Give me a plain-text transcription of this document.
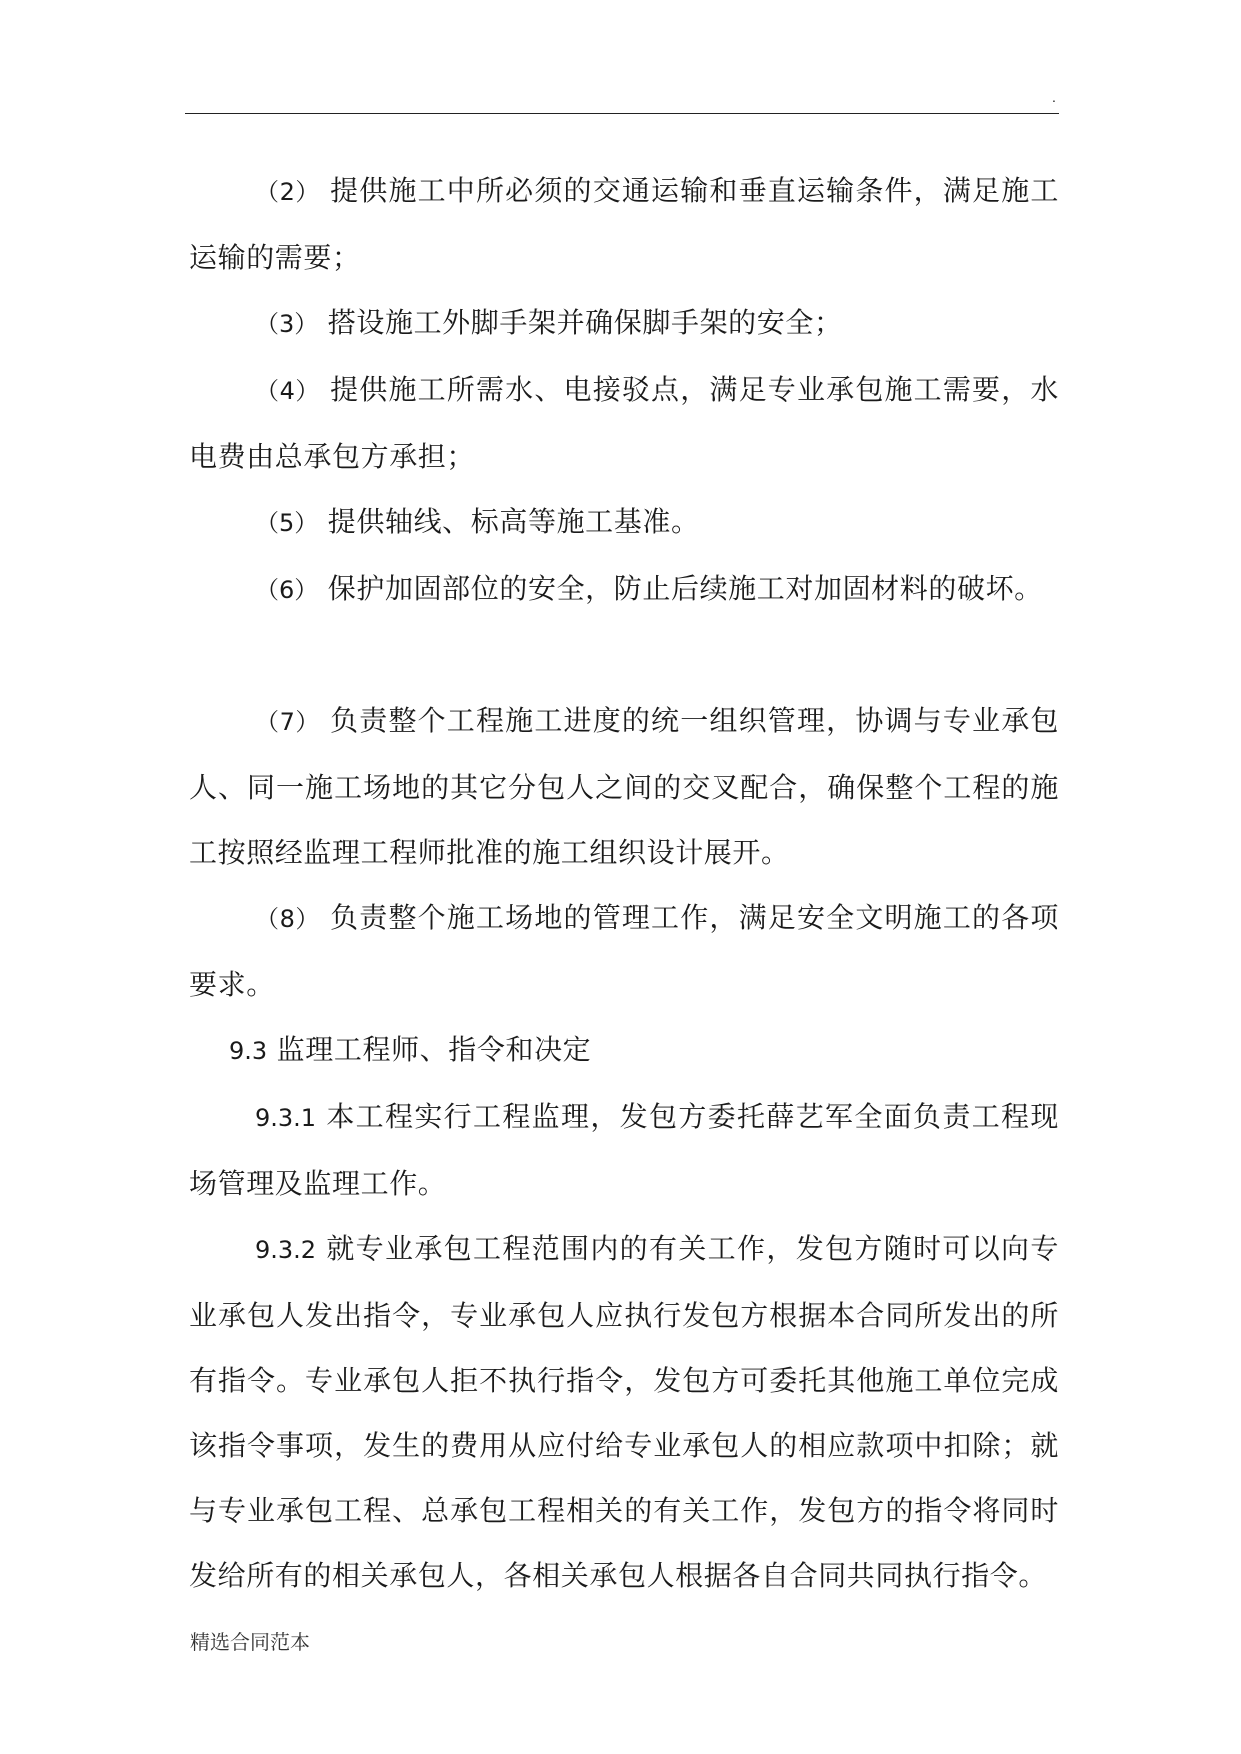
.

（2） 提供施工中所必须的交通运输和垂直运输条件，满足施工运输的需要；

（3） 搭设施工外脚手架并确保脚手架的安全；

（4） 提供施工所需水、电接驳点，满足专业承包施工需要，水电费由总承包方承担；

（5） 提供轴线、标高等施工基准。

（6） 保护加固部位的安全，防止后续施工对加固材料的破坏。

（7） 负责整个工程施工进度的统一组织管理，协调与专业承包人、同一施工场地的其它分包人之间的交叉配合，确保整个工程的施工按照经监理工程师批准的施工组织设计展开。

（8） 负责整个施工场地的管理工作，满足安全文明施工的各项要求。

9.3 监理工程师、指令和决定

9.3.1 本工程实行工程监理，发包方委托薛艺军全面负责工程现场管理及监理工作。

9.3.2 就专业承包工程范围内的有关工作，发包方随时可以向专业承包人发出指令，专业承包人应执行发包方根据本合同所发出的所有指令。专业承包人拒不执行指令，发包方可委托其他施工单位完成该指令事项，发生的费用从应付给专业承包人的相应款项中扣除；就与专业承包工程、总承包工程相关的有关工作，发包方的指令将同时发给所有的相关承包人，各相关承包人根据各自合同共同执行指令。

精选合同范本
